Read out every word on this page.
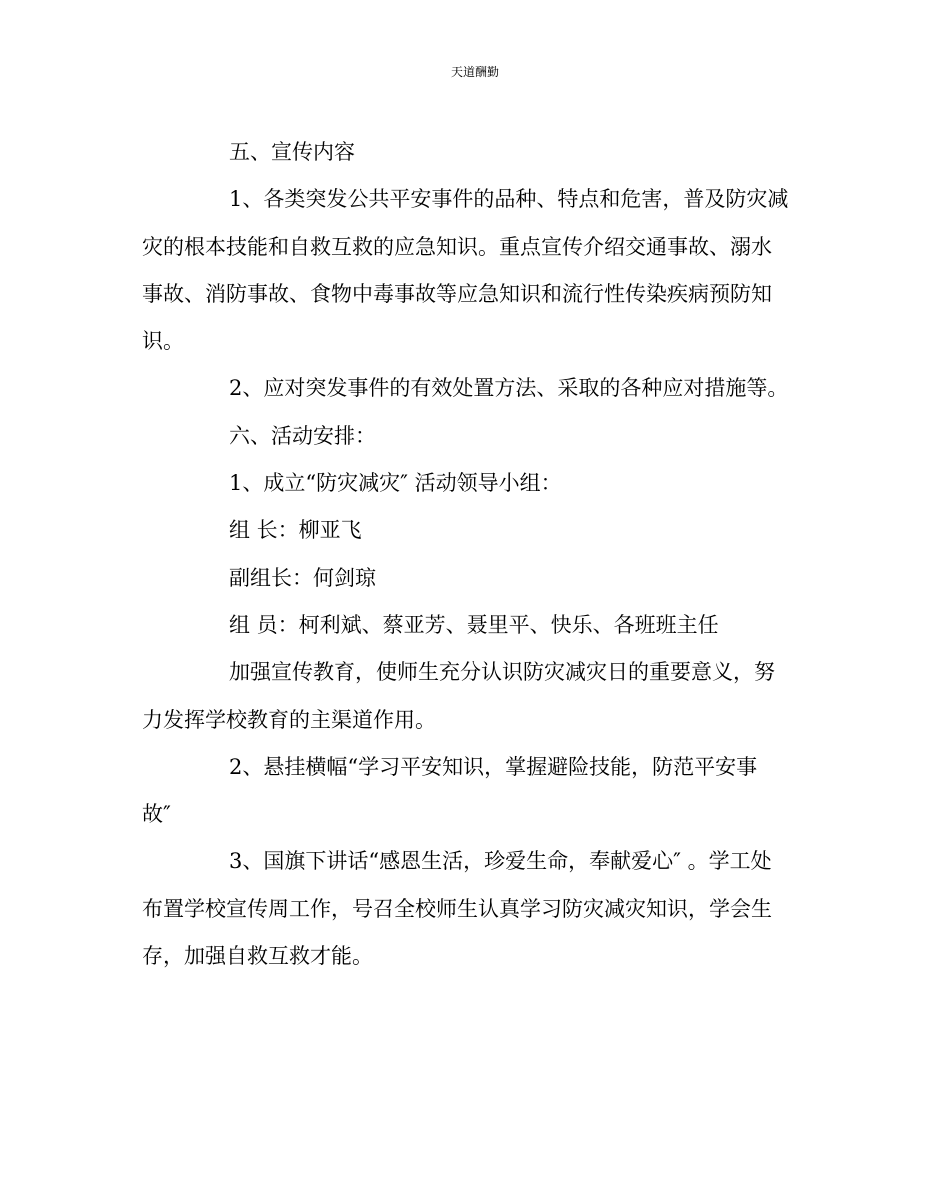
天道酬勤

五、宣传内容

1、各类突发公共平安事件的品种、特点和危害，普及防灾减

灾的根本技能和自救互救的应急知识。重点宣传介绍交通事故、溺水

事故、消防事故、食物中毒事故等应急知识和流行性传染疾病预防知

识。

2、应对突发事件的有效处置方法、采取的各种应对措施等。

六、活动安排：

1、成立“防灾减灾″ 活动领导小组：

组 长：柳亚飞

副组长：何剑琼

组 员：柯利斌、蔡亚芳、聂里平、快乐、各班班主任

加强宣传教育，使师生充分认识防灾减灾日的重要意义，努

力发挥学校教育的主渠道作用。

2、悬挂横幅“学习平安知识，掌握避险技能，防范平安事

故″

3、国旗下讲话“感恩生活，珍爱生命，奉献爱心″ 。学工处

布置学校宣传周工作，号召全校师生认真学习防灾减灾知识，学会生

存，加强自救互救才能。
